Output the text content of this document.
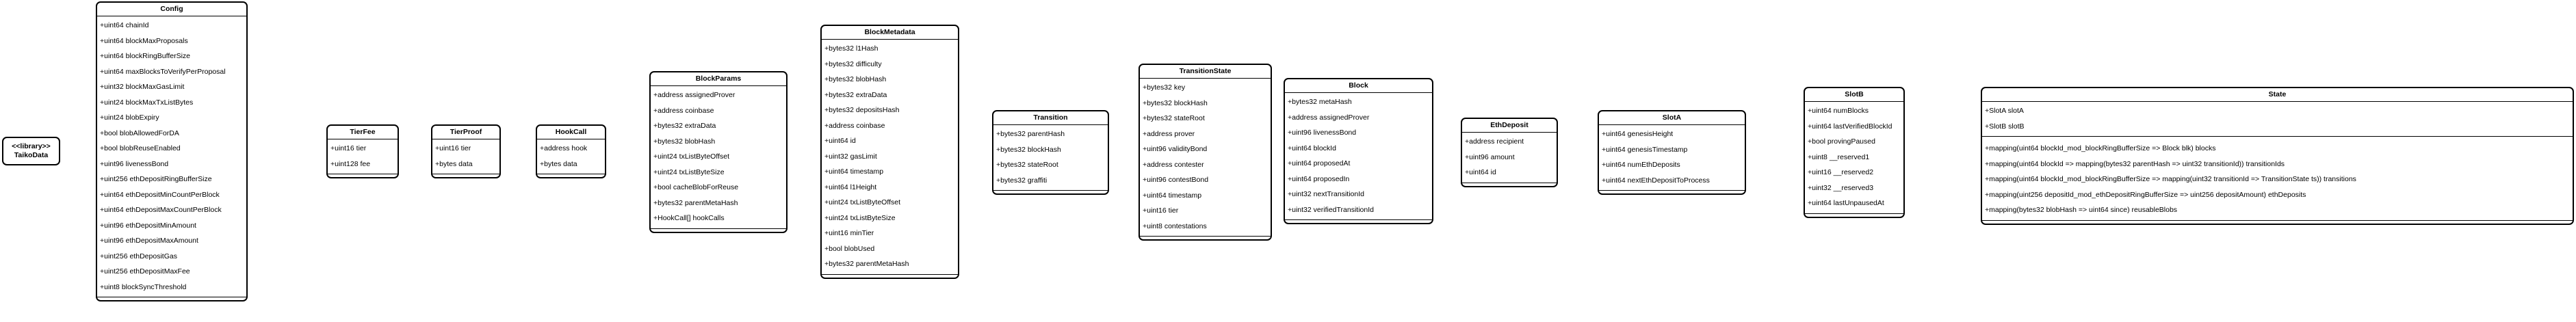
<<library>>
TaikoData
Config
+uint64 chainId
+uint64 blockMaxProposals
+uint64 blockRingBufferSize
+uint64 maxBlocksToVerifyPerProposal
+uint32 blockMaxGasLimit
+uint24 blockMaxTxListBytes
+uint24 blobExpiry
+bool blobAllowedForDA
+bool blobReuseEnabled
+uint96 livenessBond
+uint256 ethDepositRingBufferSize
+uint64 ethDepositMinCountPerBlock
+uint64 ethDepositMaxCountPerBlock
+uint96 ethDepositMinAmount
+uint96 ethDepositMaxAmount
+uint256 ethDepositGas
+uint256 ethDepositMaxFee
+uint8 blockSyncThreshold
TierFee
+uint16 tier
+uint128 fee
TierProof
+uint16 tier
+bytes data
HookCall
+address hook
+bytes data
BlockParams
+address assignedProver
+address coinbase
+bytes32 extraData
+bytes32 blobHash
+uint24 txListByteOffset
+uint24 txListByteSize
+bool cacheBlobForReuse
+bytes32 parentMetaHash
+HookCall[] hookCalls
BlockMetadata
+bytes32 l1Hash
+bytes32 difficulty
+bytes32 blobHash
+bytes32 extraData
+bytes32 depositsHash
+address coinbase
+uint64 id
+uint32 gasLimit
+uint64 timestamp
+uint64 l1Height
+uint24 txListByteOffset
+uint24 txListByteSize
+uint16 minTier
+bool blobUsed
+bytes32 parentMetaHash
Transition
+bytes32 parentHash
+bytes32 blockHash
+bytes32 stateRoot
+bytes32 graffiti
TransitionState
+bytes32 key
+bytes32 blockHash
+bytes32 stateRoot
+address prover
+uint96 validityBond
+address contester
+uint96 contestBond
+uint64 timestamp
+uint16 tier
+uint8 contestations
Block
+bytes32 metaHash
+address assignedProver
+uint96 livenessBond
+uint64 blockId
+uint64 proposedAt
+uint64 proposedIn
+uint32 nextTransitionId
+uint32 verifiedTransitionId
EthDeposit
+address recipient
+uint96 amount
+uint64 id
SlotA
+uint64 genesisHeight
+uint64 genesisTimestamp
+uint64 numEthDeposits
+uint64 nextEthDepositToProcess
SlotB
+uint64 numBlocks
+uint64 lastVerifiedBlockId
+bool provingPaused
+uint8 __reserved1
+uint16 __reserved2
+uint32 __reserved3
+uint64 lastUnpausedAt
State
+SlotA slotA
+SlotB slotB
+mapping(uint64 blockId_mod_blockRingBufferSize => Block blk) blocks
+mapping(uint64 blockId => mapping(bytes32 parentHash => uint32 transitionId)) transitionIds
+mapping(uint64 blockId_mod_blockRingBufferSize => mapping(uint32 transitionId => TransitionState ts)) transitions
+mapping(uint256 depositId_mod_ethDepositRingBufferSize => uint256 depositAmount) ethDeposits
+mapping(bytes32 blobHash => uint64 since) reusableBlobs
